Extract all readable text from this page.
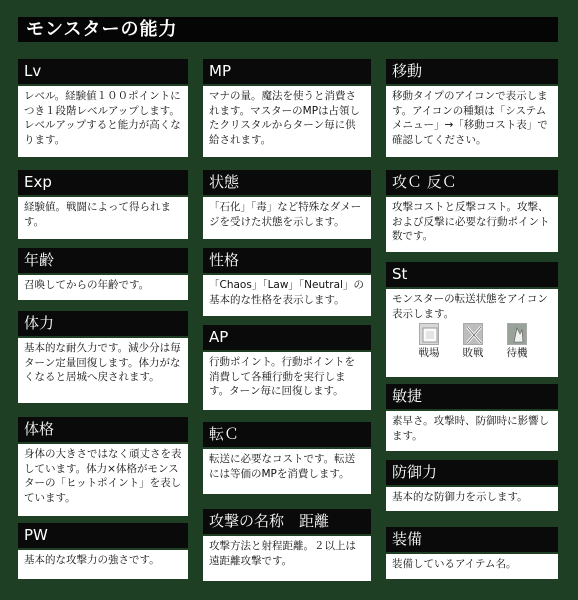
モンスターの能力
Lv
レベル。経験値１００ポイントにつき１段階レベルアップします。レベルアップすると能力が高くなります。
Exp
経験値。戦闘によって得られます。
年齢
召喚してからの年齢です。
体力
基本的な耐久力です。減少分は毎ターン定量回復します。体力がなくなると居城へ戻されます。
体格
身体の大きさではなく頑丈さを表しています。体力×体格がモンスターの「ヒットポイント」を表しています。
PW
基本的な攻撃力の強さです。
MP
マナの量。魔法を使うと消費されます。マスターのMPは占領したクリスタルからターン毎に供給されます。
状態
「石化」「毒」など特殊なダメージを受けた状態を示します。
性格
「Chaos」「Law」「Neutral」の基本的な性格を表示します。
AP
行動ポイント。行動ポイントを消費して各種行動を実行します。ターン毎に回復します。
転Ｃ
転送に必要なコストです。転送には等価のMPを消費します。
攻撃の名称　距離
攻撃方法と射程距離。２以上は遠距離攻撃です。
移動
移動タイプのアイコンで表示します。アイコンの種類は「システムメニュー」→「移動コスト表」で確認してください。
攻Ｃ 反Ｃ
攻撃コストと反撃コスト。攻撃、および反撃に必要な行動ポイント数です。
St
モンスターの転送状態をアイコン表示します。
戦場 敗戦 待機
敏捷
素早さ。攻撃時、防御時に影響します。
防御力
基本的な防御力を示します。
装備
装備しているアイテム名。
